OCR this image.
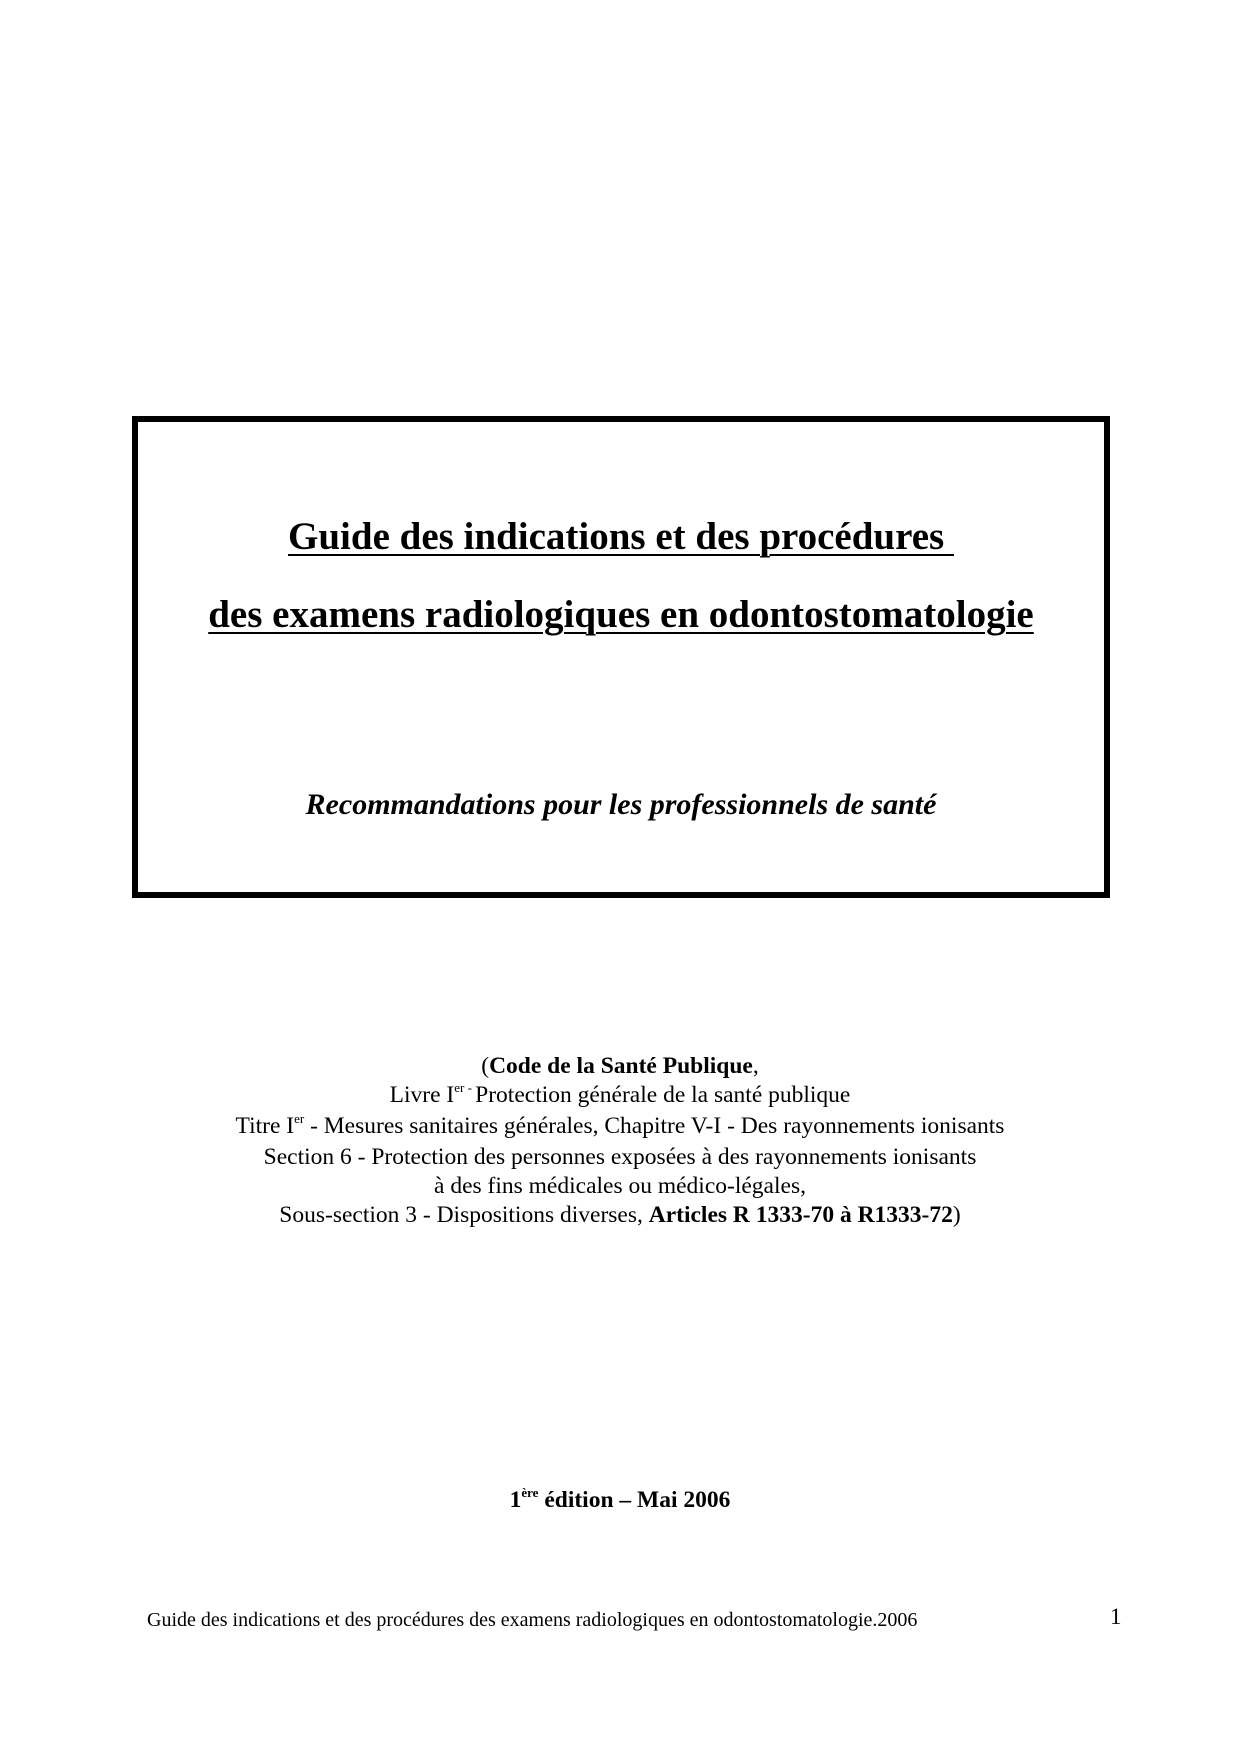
Guide des indications et des procédures
des examens radiologiques en odontostomatologie
Recommandations pour les professionnels de santé
(Code de la Santé Publique,
Livre $I^{er -}$ Protection générale de la santé publique
Titre Ier - Mesures sanitaires générales, Chapitre V-I - Des rayonnements ionisants
Section 6 - Protection des personnes exposées à des rayonnements ionisants
à des fins médicales ou médico-légales,
Sous-section 3 - Dispositions diverses, Articles R 1333-70 à R1333-72)
1ère édition – Mai 2006
Guide des indications et des procédures des examens radiologiques en odontostomatologie.2006	1
